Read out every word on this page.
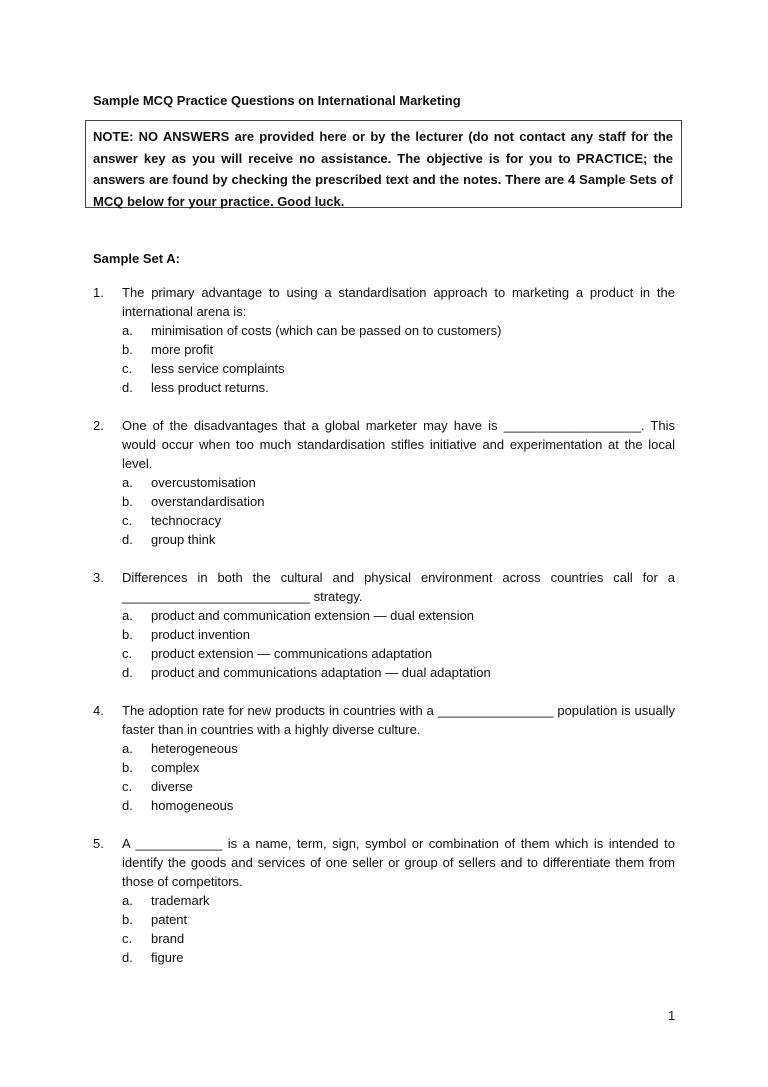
Sample MCQ Practice Questions on International Marketing
NOTE: NO ANSWERS are provided here or by the lecturer (do not contact any staff for the answer key as you will receive no assistance. The objective is for you to PRACTICE; the answers are found by checking the prescribed text and the notes. There are 4 Sample Sets of MCQ below for your practice. Good luck.
Sample Set A:
1. The primary advantage to using a standardisation approach to marketing a product in the international arena is:
a. minimisation of costs (which can be passed on to customers)
b. more profit
c. less service complaints
d. less product returns.
2. One of the disadvantages that a global marketer may have is ___________________. This would occur when too much standardisation stifles initiative and experimentation at the local level.
a. overcustomisation
b. overstandardisation
c. technocracy
d. group think
3. Differences in both the cultural and physical environment across countries call for a __________________________ strategy.
a. product and communication extension — dual extension
b. product invention
c. product extension — communications adaptation
d. product and communications adaptation — dual adaptation
4. The adoption rate for new products in countries with a ________________ population is usually faster than in countries with a highly diverse culture.
a. heterogeneous
b. complex
c. diverse
d. homogeneous
5. A ____________ is a name, term, sign, symbol or combination of them which is intended to identify the goods and services of one seller or group of sellers and to differentiate them from those of competitors.
a. trademark
b. patent
c. brand
d. figure
1
